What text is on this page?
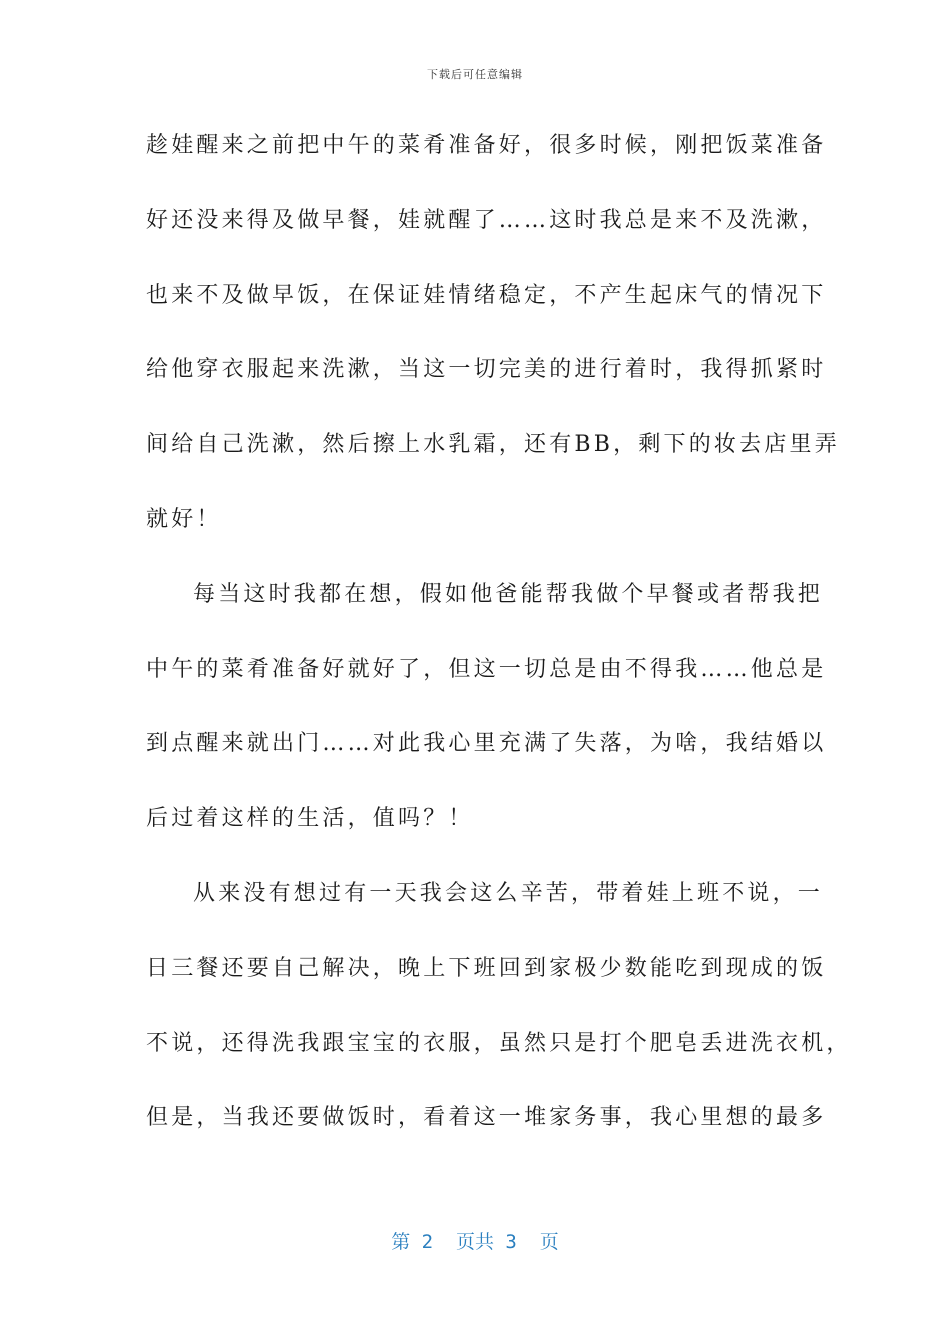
下载后可任意编辑
趁娃醒来之前把中午的菜肴准备好，很多时候，刚把饭菜准备
好还没来得及做早餐，娃就醒了……这时我总是来不及洗漱，
也来不及做早饭，在保证娃情绪稳定，不产生起床气的情况下
给他穿衣服起来洗漱，当这一切完美的进行着时，我得抓紧时
间给自己洗漱，然后擦上水乳霜，还有BB，剩下的妆去店里弄
就好！
每当这时我都在想，假如他爸能帮我做个早餐或者帮我把
中午的菜肴准备好就好了，但这一切总是由不得我……他总是
到点醒来就出门……对此我心里充满了失落，为啥，我结婚以
后过着这样的生活，值吗？！
从来没有想过有一天我会这么辛苦，带着娃上班不说，一
日三餐还要自己解决，晚上下班回到家极少数能吃到现成的饭
不说，还得洗我跟宝宝的衣服，虽然只是打个肥皂丢进洗衣机，
但是，当我还要做饭时，看着这一堆家务事，我心里想的最多
第 2  页共 3  页
